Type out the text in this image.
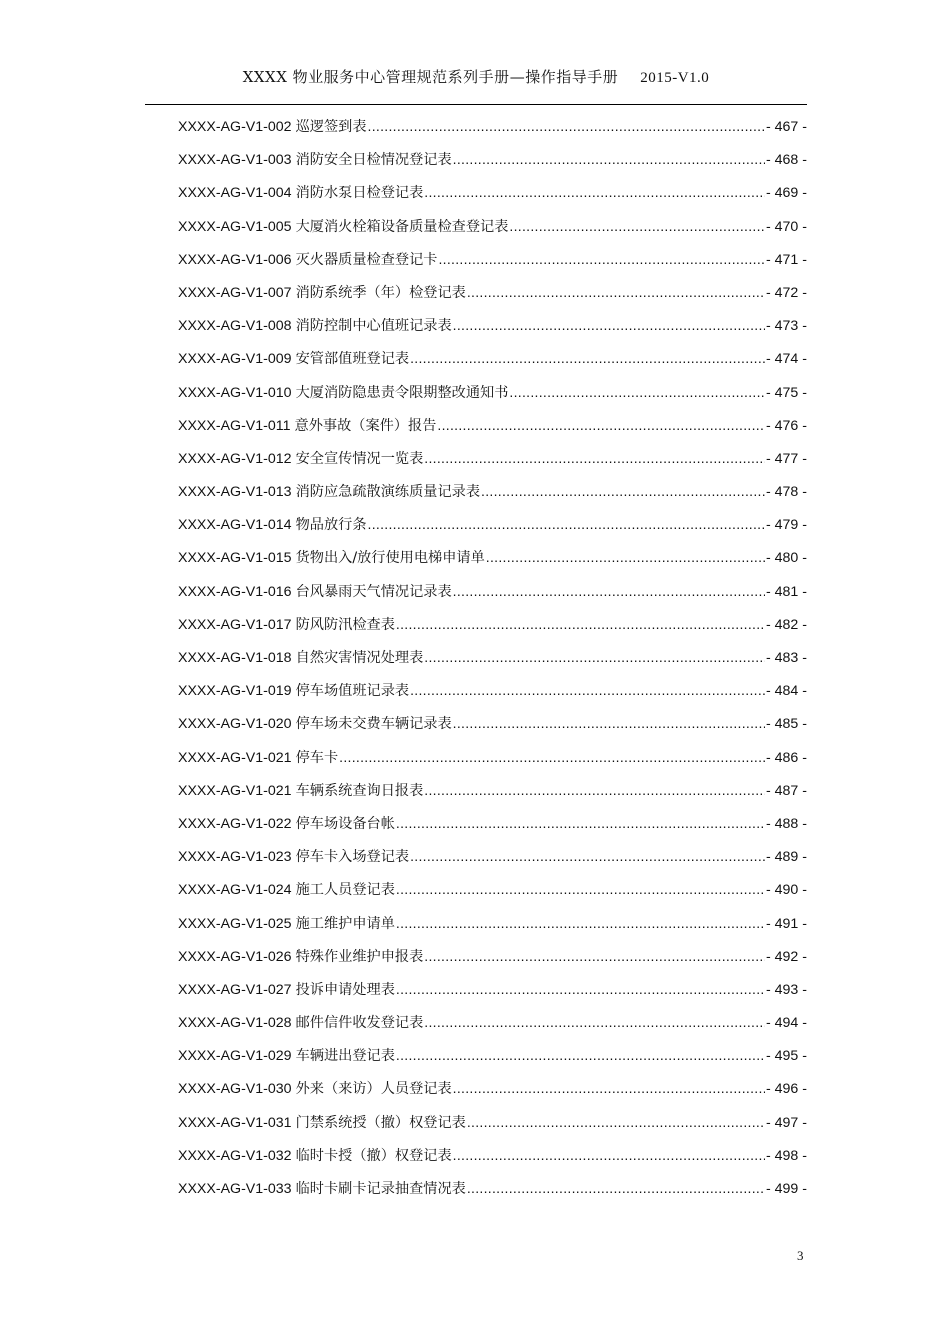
XXXX 物业服务中心管理规范系列手册—操作指导手册 2015-V1.0
XXXX-AG-V1-002 巡逻签到表 .....	- 467 -
XXXX-AG-V1-003 消防安全日检情况登记表 .....	- 468 -
XXXX-AG-V1-004 消防水泵日检登记表 .....	- 469 -
XXXX-AG-V1-005 大厦消火栓箱设备质量检查登记表 .....	- 470 -
XXXX-AG-V1-006 灭火器质量检查登记卡 .....	- 471 -
XXXX-AG-V1-007 消防系统季（年）检登记表 .....	- 472 -
XXXX-AG-V1-008 消防控制中心值班记录表 .....	- 473 -
XXXX-AG-V1-009 安管部值班登记表 .....	- 474 -
XXXX-AG-V1-010 大厦消防隐患责令限期整改通知书 .....	- 475 -
XXXX-AG-V1-011 意外事故（案件）报告 .....	- 476 -
XXXX-AG-V1-012 安全宣传情况一览表 .....	- 477 -
XXXX-AG-V1-013 消防应急疏散演练质量记录表 .....	- 478 -
XXXX-AG-V1-014 物品放行条 .....	- 479 -
XXXX-AG-V1-015 货物出入/放行使用电梯申请单 .....	- 480 -
XXXX-AG-V1-016 台风暴雨天气情况记录表 .....	- 481 -
XXXX-AG-V1-017 防风防汛检查表 .....	- 482 -
XXXX-AG-V1-018 自然灾害情况处理表 .....	- 483 -
XXXX-AG-V1-019 停车场值班记录表 .....	- 484 -
XXXX-AG-V1-020 停车场未交费车辆记录表 .....	- 485 -
XXXX-AG-V1-021 停车卡 .....	- 486 -
XXXX-AG-V1-021 车辆系统查询日报表 .....	- 487 -
XXXX-AG-V1-022 停车场设备台帐 .....	- 488 -
XXXX-AG-V1-023 停车卡入场登记表 .....	- 489 -
XXXX-AG-V1-024 施工人员登记表 .....	- 490 -
XXXX-AG-V1-025 施工维护申请单 .....	- 491 -
XXXX-AG-V1-026 特殊作业维护申报表 .....	- 492 -
XXXX-AG-V1-027 投诉申请处理表 .....	- 493 -
XXXX-AG-V1-028 邮件信件收发登记表 .....	- 494 -
XXXX-AG-V1-029 车辆进出登记表 .....	- 495 -
XXXX-AG-V1-030 外来（来访）人员登记表 .....	- 496 -
XXXX-AG-V1-031 门禁系统授（撤）权登记表 .....	- 497 -
XXXX-AG-V1-032 临时卡授（撤）权登记表 .....	- 498 -
XXXX-AG-V1-033 临时卡刷卡记录抽查情况表 .....	- 499 -
3
